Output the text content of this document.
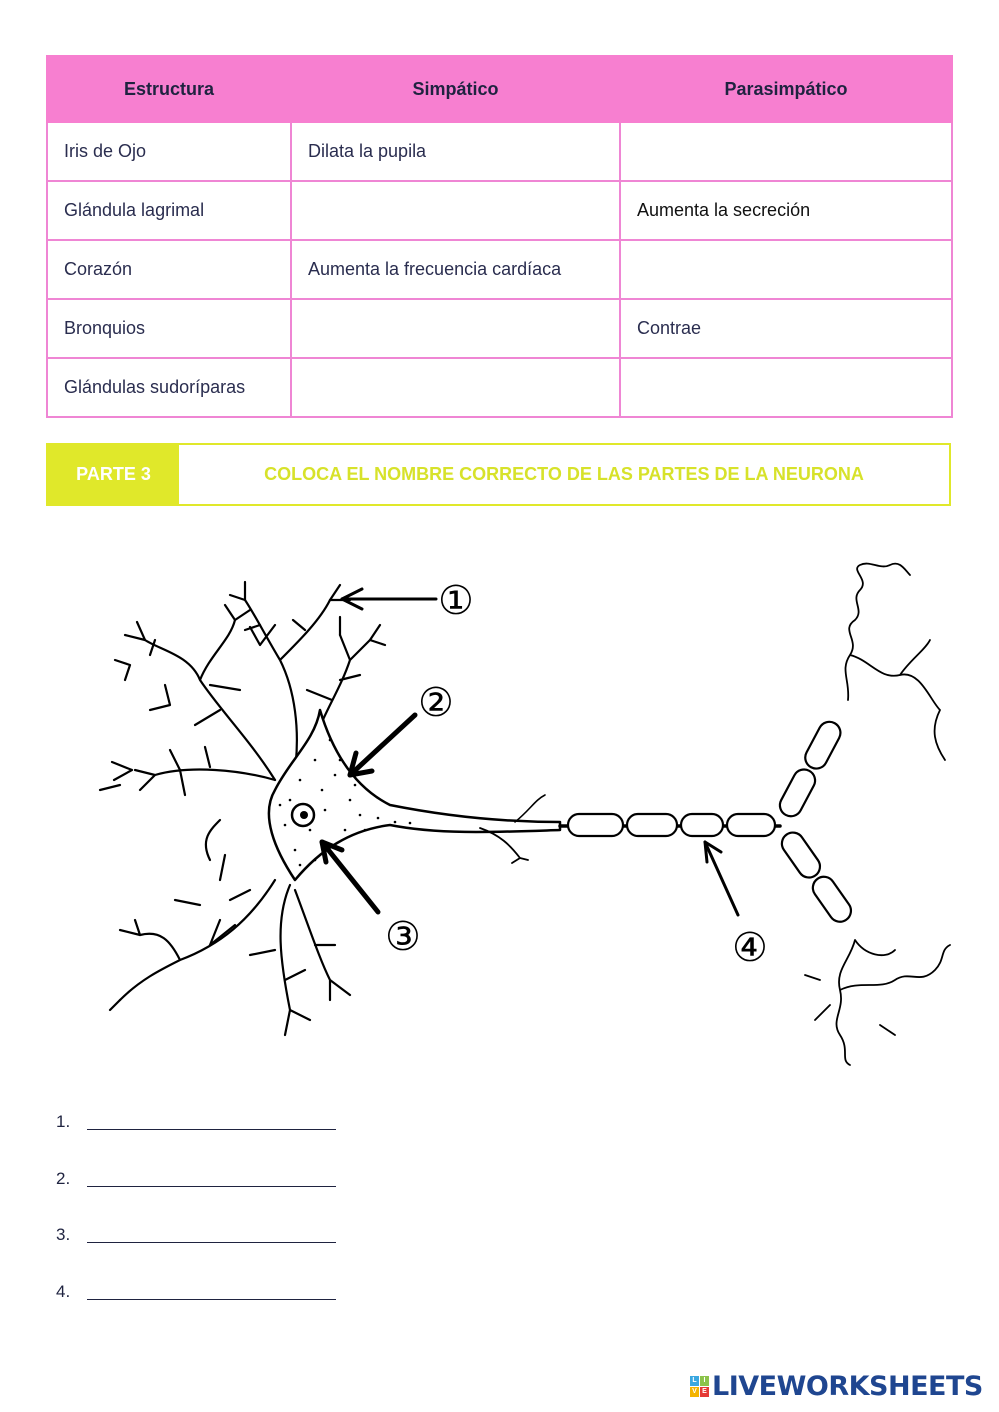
Estructura	Simpático	Parasimpático
Iris de Ojo	Dilata la pupila	
Glándula lagrimal		Aumenta la secreción
Corazón	Aumenta la frecuencia cardíaca	
Bronquios		Contrae
Glándulas sudoríparas		
PARTE 3	COLOCA EL NOMBRE CORRECTO DE LAS PARTES DE LA NEURONA
①
②
③	④
1.
2.
3.
4.
L I
V E LIVEWORKSHEETS
